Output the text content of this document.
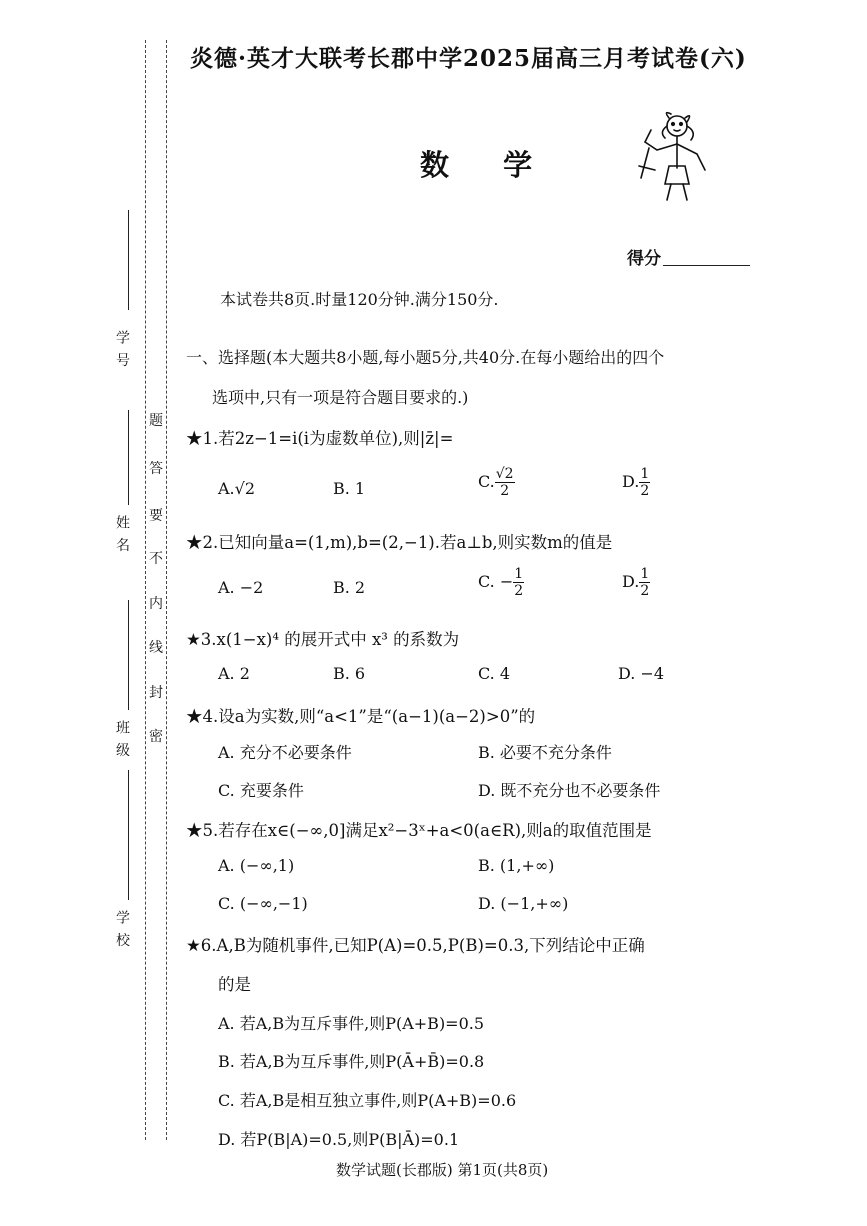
学 号
姓 名
班 级
学 校
题
答
要
不
内
线
封
密
炎德·英才大联考长郡中学2025届高三月考试卷(六)
数 学
得分
本试卷共8页.时量120分钟.满分150分.
一、选择题(本大题共8小题,每小题5分,共40分.在每小题给出的四个
选项中,只有一项是符合题目要求的.)
★1.若2z−1=i(i为虚数单位),则|z̄|=
A.√2	B. 1	C. $\frac{√2}{2}$	D. $\frac{1}{2}$
★2.已知向量a=(1,m),b=(2,−1).若a⊥b,则实数m的值是
A. −2	B. 2	C. − $\frac{1}{2}$	D. $\frac{1}{2}$
★3.x(1−x)⁴ 的展开式中 x³ 的系数为
A. 2	B. 6	C. 4	D. −4
★4.设a为实数,则“a<1”是“(a−1)(a−2)>0”的
A. 充分不必要条件	B. 必要不充分条件
C. 充要条件	D. 既不充分也不必要条件
★5.若存在x∈(−∞,0]满足x²−3ˣ+a<0(a∈R),则a的取值范围是
A. (−∞,1)	B. (1,+∞)
C. (−∞,−1)	D. (−1,+∞)
★6.A,B为随机事件,已知P(A)=0.5,P(B)=0.3,下列结论中正确
的是
A. 若A,B为互斥事件,则P(A+B)=0.5
B. 若A,B为互斥事件,则P(Ā+B̄)=0.8
C. 若A,B是相互独立事件,则P(A+B)=0.6
D. 若P(B|A)=0.5,则P(B|Ā)=0.1
数学试题(长郡版) 第1页(共8页)
